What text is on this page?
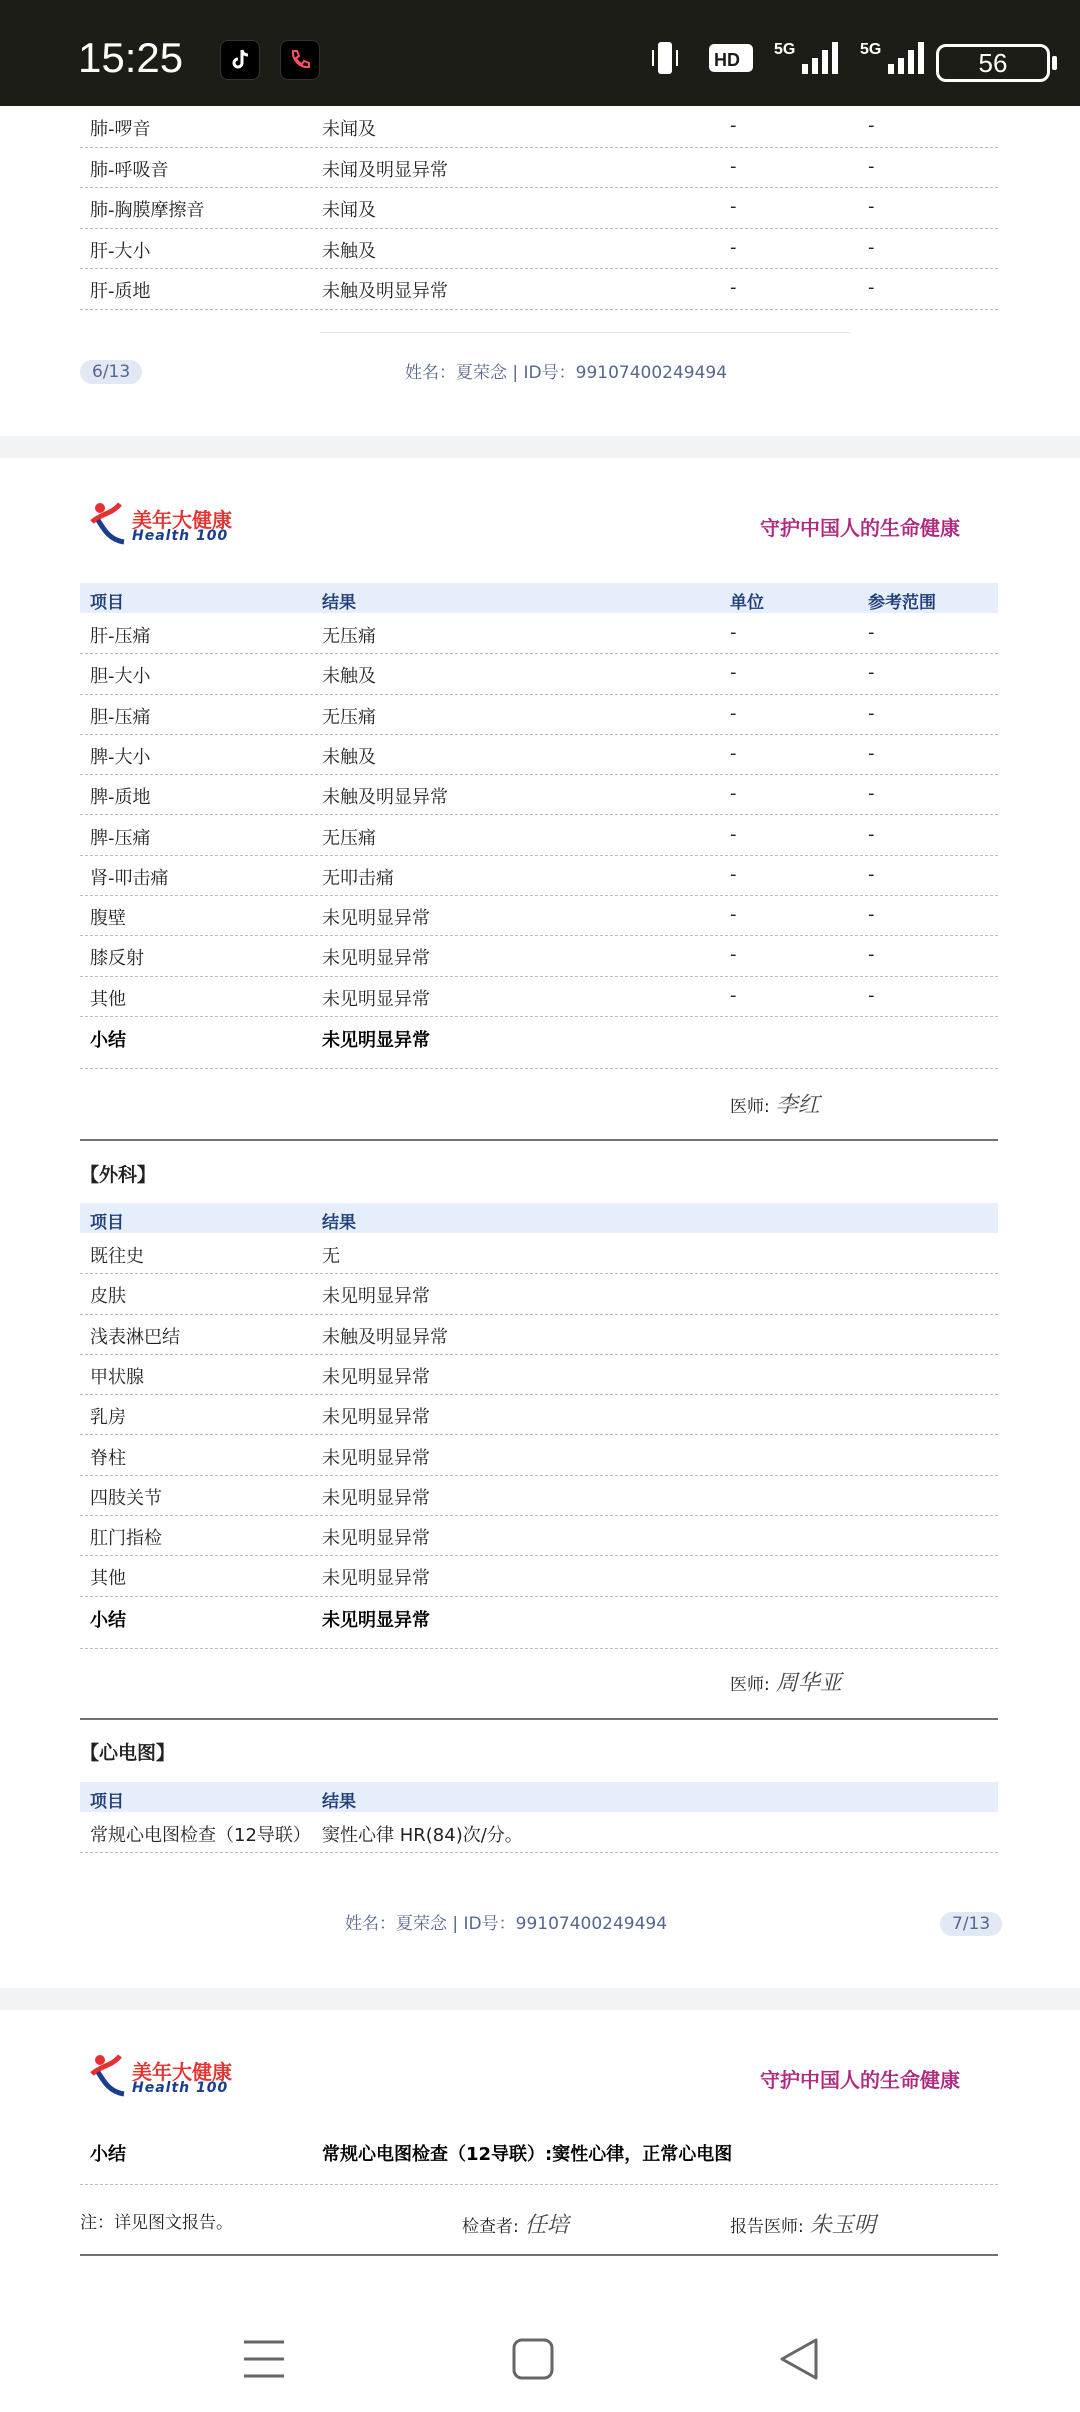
15:25	HD
5G	5G	56
肺-啰音	未闻及	-	-
肺-呼吸音	未闻及明显异常	-	-
肺-胸膜摩擦音	未闻及	-	-
肝-大小	未触及	-	-
肝-质地	未触及明显异常	-	-
6/13	姓名：夏荣念 | ID号：99107400249494
美年大健康
Health 100	守护中国人的生命健康
项目	结果	单位	参考范围
肝-压痛	无压痛	-	-
胆-大小	未触及	-	-
胆-压痛	无压痛	-	-
脾-大小	未触及	-	-
脾-质地	未触及明显异常	-	-
脾-压痛	无压痛	-	-
肾-叩击痛	无叩击痛	-	-
腹壁	未见明显异常	-	-
膝反射	未见明显异常	-	-
其他	未见明显异常	-	-
小结	未见明显异常
医师: 李红
【外科】
项目	结果
既往史	无
皮肤	未见明显异常
浅表淋巴结	未触及明显异常
甲状腺	未见明显异常
乳房	未见明显异常
脊柱	未见明显异常
四肢关节	未见明显异常
肛门指检	未见明显异常
其他	未见明显异常
小结	未见明显异常
医师: 周华亚
【心电图】
项目	结果
常规心电图检查（12导联） 窦性心律 HR(84)次/分。
姓名：夏荣念 | ID号：99107400249494	7/13
美年大健康
Health 100	守护中国人的生命健康
小结	常规心电图检查（12导联）:窦性心律，正常心电图
注：详见图文报告。	检查者: 任培	报告医师: 朱玉明
